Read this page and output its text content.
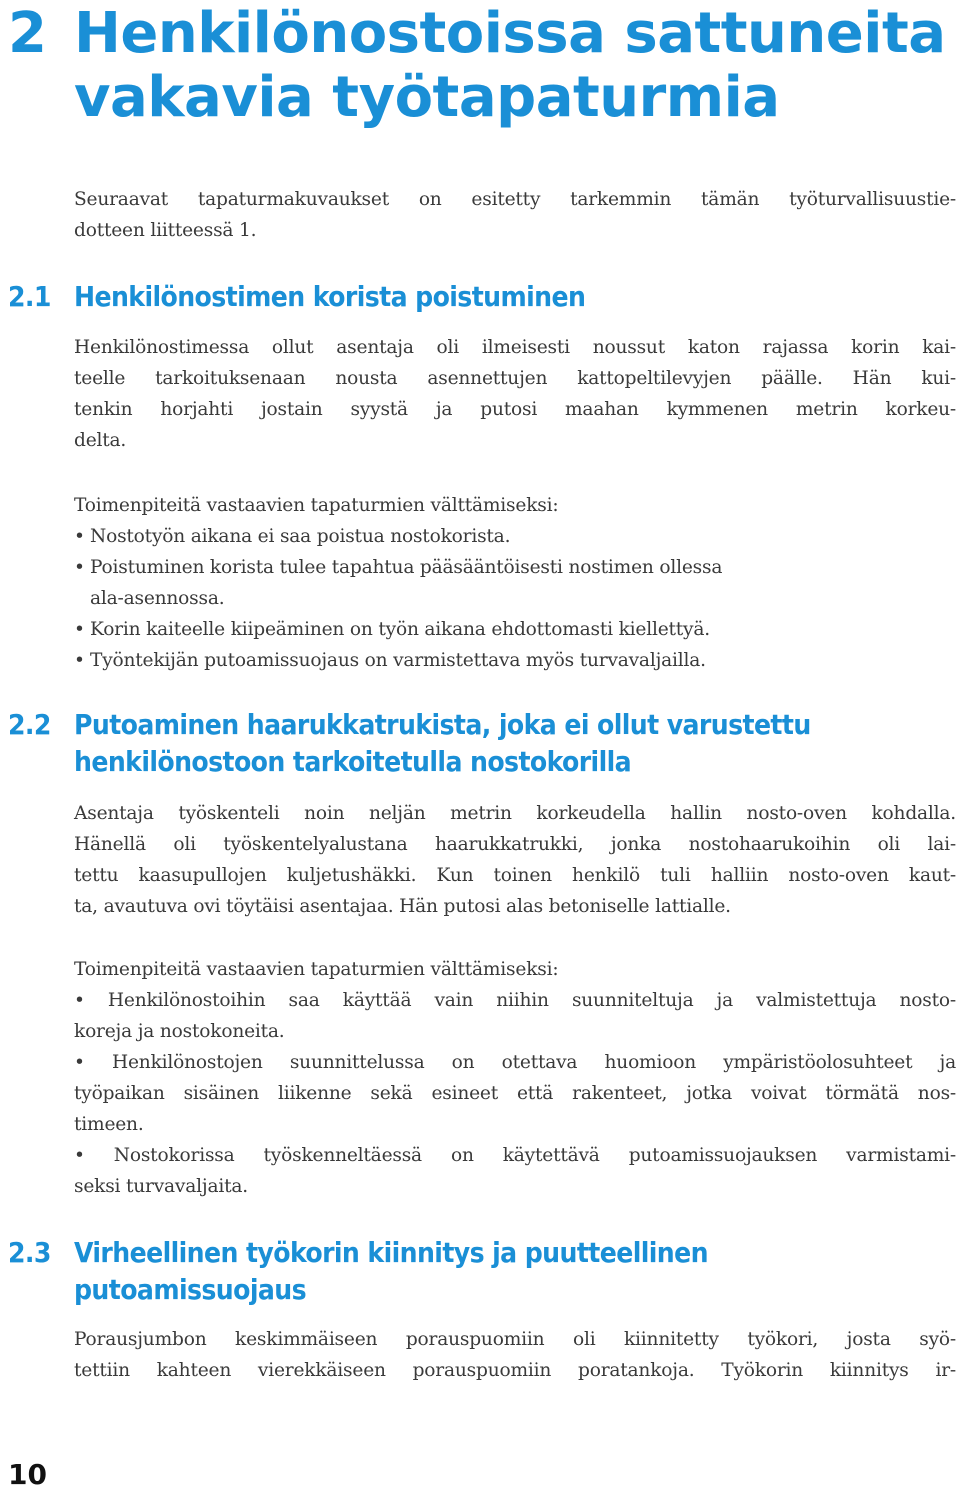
2 Henkilönostoissa sattuneita
vakavia työtapaturmia
Seuraavat tapaturmakuvaukset on esitetty tarkemmin tämän työturvallisuustie-
dotteen liitteessä 1.
2.1 Henkilönostimen korista poistuminen
Henkilönostimessa ollut asentaja oli ilmeisesti noussut katon rajassa korin kai-
teelle tarkoituksenaan nousta asennettujen kattopeltilevyjen päälle. Hän kui-
tenkin horjahti jostain syystä ja putosi maahan kymmenen metrin korkeu-
delta.
Toimenpiteitä vastaavien tapaturmien välttämiseksi:
• Nostotyön aikana ei saa poistua nostokorista.
• Poistuminen korista tulee tapahtua pääsääntöisesti nostimen ollessa
ala-asennossa.
• Korin kaiteelle kiipeäminen on työn aikana ehdottomasti kiellettyä.
• Työntekijän putoamissuojaus on varmistettava myös turvavaljailla.
2.2 Putoaminen haarukkatrukista, joka ei ollut varustettu
henkilönostoon tarkoitetulla nostokorilla
Asentaja työskenteli noin neljän metrin korkeudella hallin nosto-oven kohdalla.
Hänellä oli työskentelyalustana haarukkatrukki, jonka nostohaarukoihin oli lai-
tettu kaasupullojen kuljetushäkki. Kun toinen henkilö tuli halliin nosto-oven kaut-
ta, avautuva ovi töytäisi asentajaa. Hän putosi alas betoniselle lattialle.
Toimenpiteitä vastaavien tapaturmien välttämiseksi:
• Henkilönostoihin saa käyttää vain niihin suunniteltuja ja valmistettuja nosto-
koreja ja nostokoneita.
• Henkilönostojen suunnittelussa on otettava huomioon ympäristöolosuhteet ja
työpaikan sisäinen liikenne sekä esineet että rakenteet, jotka voivat törmätä nos-
timeen.
• Nostokorissa työskenneltäessä on käytettävä putoamissuojauksen varmistami-
seksi turvavaljaita.
2.3 Virheellinen työkorin kiinnitys ja puutteellinen
putoamissuojaus
Porausjumbon keskimmäiseen porauspuomiin oli kiinnitetty työkori, josta syö-
tettiin kahteen vierekkäiseen porauspuomiin poratankoja. Työkorin kiinnitys ir-
10
